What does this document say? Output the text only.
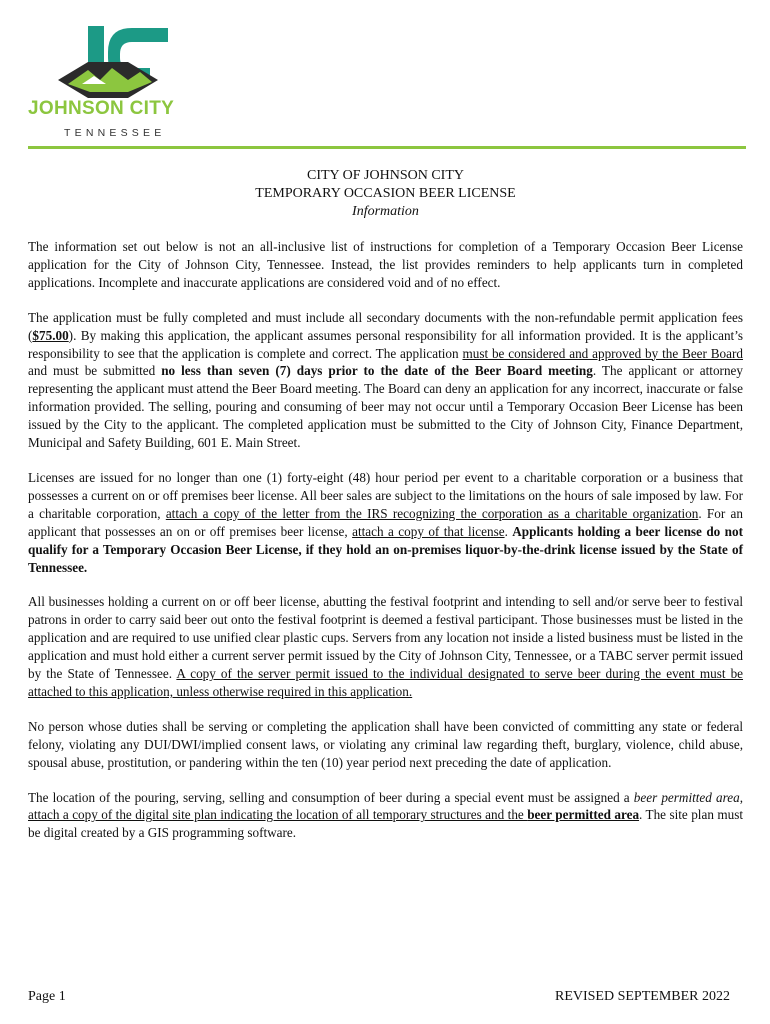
JOHNSON CITY
TENNESSEE
CITY OF JOHNSON CITY
TEMPORARY OCCASION BEER LICENSE
Information

The information set out below is not an all-inclusive list of instructions for completion of a Temporary Occasion Beer License application for the City of Johnson City, Tennessee. Instead, the list provides reminders to help applicants turn in completed applications. Incomplete and inaccurate applications are considered void and of no effect.

The application must be fully completed and must include all secondary documents with the non-refundable permit application fees ($75.00). By making this application, the applicant assumes personal responsibility for all information provided. It is the applicant’s responsibility to see that the application is complete and correct. The application must be considered and approved by the Beer Board and must be submitted no less than seven (7) days prior to the date of the Beer Board meeting. The applicant or attorney representing the applicant must attend the Beer Board meeting. The Board can deny an application for any incorrect, inaccurate or false information provided. The selling, pouring and consuming of beer may not occur until a Temporary Occasion Beer License has been issued by the City to the applicant. The completed application must be submitted to the City of Johnson City, Finance Department, Municipal and Safety Building, 601 E. Main Street.

Licenses are issued for no longer than one (1) forty-eight (48) hour period per event to a charitable corporation or a business that possesses a current on or off premises beer license. All beer sales are subject to the limitations on the hours of sale imposed by law. For a charitable corporation, attach a copy of the letter from the IRS recognizing the corporation as a charitable organization. For an applicant that possesses an on or off premises beer license, attach a copy of that license. Applicants holding a beer license do not qualify for a Temporary Occasion Beer License, if they hold an on-premises liquor-by-the-drink license issued by the State of Tennessee.

All businesses holding a current on or off beer license, abutting the festival footprint and intending to sell and/or serve beer to festival patrons in order to carry said beer out onto the festival footprint is deemed a festival participant. Those businesses must be listed in the application and are required to use unified clear plastic cups. Servers from any location not inside a listed business must be listed in the application and must hold either a current server permit issued by the City of Johnson City, Tennessee, or a TABC server permit issued by the State of Tennessee. A copy of the server permit issued to the individual designated to serve beer during the event must be attached to this application, unless otherwise required in this application.

No person whose duties shall be serving or completing the application shall have been convicted of committing any state or federal felony, violating any DUI/DWI/implied consent laws, or violating any criminal law regarding theft, burglary, violence, child abuse, spousal abuse, prostitution, or pandering within the ten (10) year period next preceding the date of application.

The location of the pouring, serving, selling and consumption of beer during a special event must be assigned a beer permitted area, attach a copy of the digital site plan indicating the location of all temporary structures and the beer permitted area. The site plan must be digital created by a GIS programming software.

Page 1	REVISED SEPTEMBER 2022
